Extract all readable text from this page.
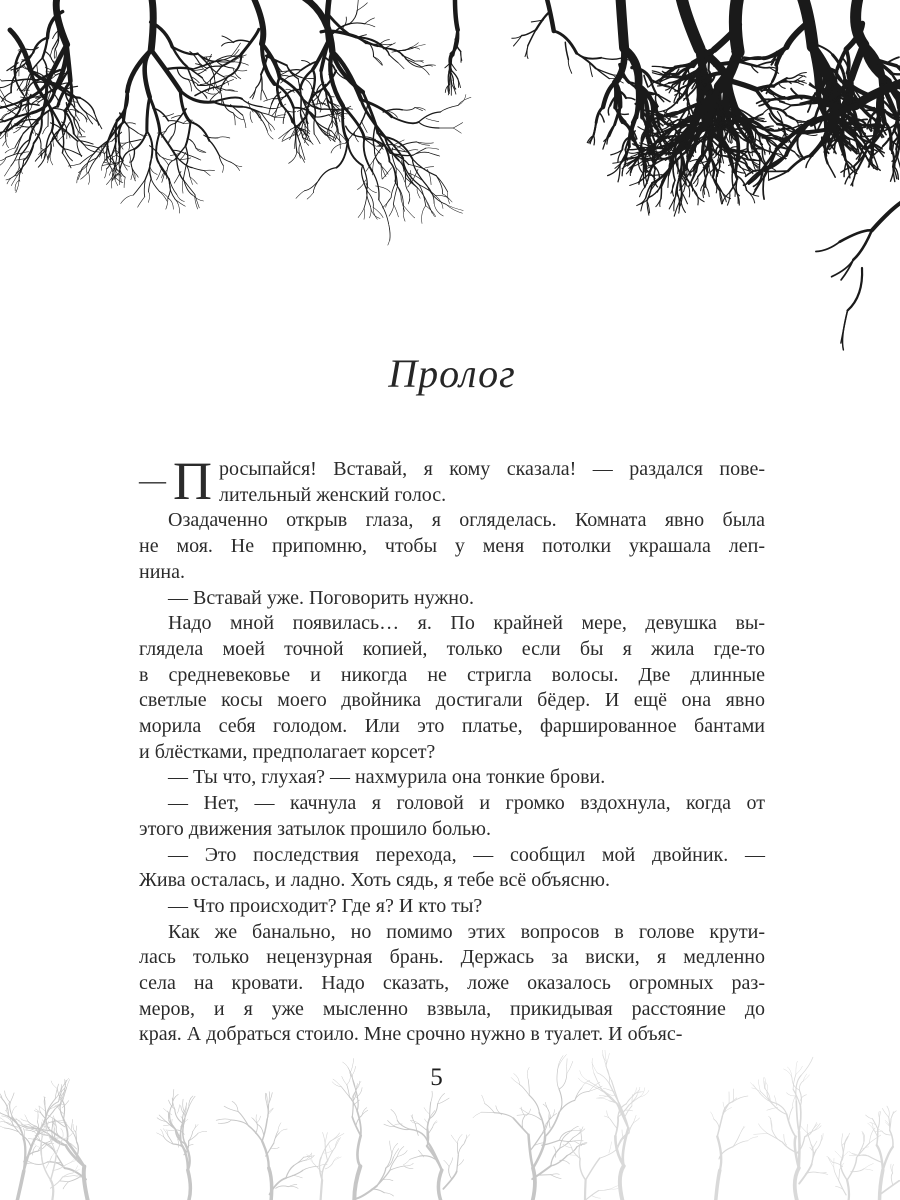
Пролог
— П росыпайся! Вставай, я кому сказала! — раздался пове-
лительный женский голос.
Озадаченно открыв глаза, я огляделась. Комната явно была
не моя. Не припомню, чтобы у меня потолки украшала леп-
нина.
— Вставай уже. Поговорить нужно.
Надо мной появилась… я. По крайней мере, девушка вы-
глядела моей точной копией, только если бы я жила где-то
в средневековье и никогда не стригла волосы. Две длинные
светлые косы моего двойника достигали бёдер. И ещё она явно
морила себя голодом. Или это платье, фаршированное бантами
и блёстками, предполагает корсет?
— Ты что, глухая? — нахмурила она тонкие брови.
— Нет, — качнула я головой и громко вздохнула, когда от
этого движения затылок прошило болью.
— Это последствия перехода, — сообщил мой двойник. —
Жива осталась, и ладно. Хоть сядь, я тебе всё объясню.
— Что происходит? Где я? И кто ты?
Как же банально, но помимо этих вопросов в голове крути-
лась только нецензурная брань. Держась за виски, я медленно
села на кровати. Надо сказать, ложе оказалось огромных раз-
меров, и я уже мысленно взвыла, прикидывая расстояние до
края. А добраться стоило. Мне срочно нужно в туалет. И объяс-
5
